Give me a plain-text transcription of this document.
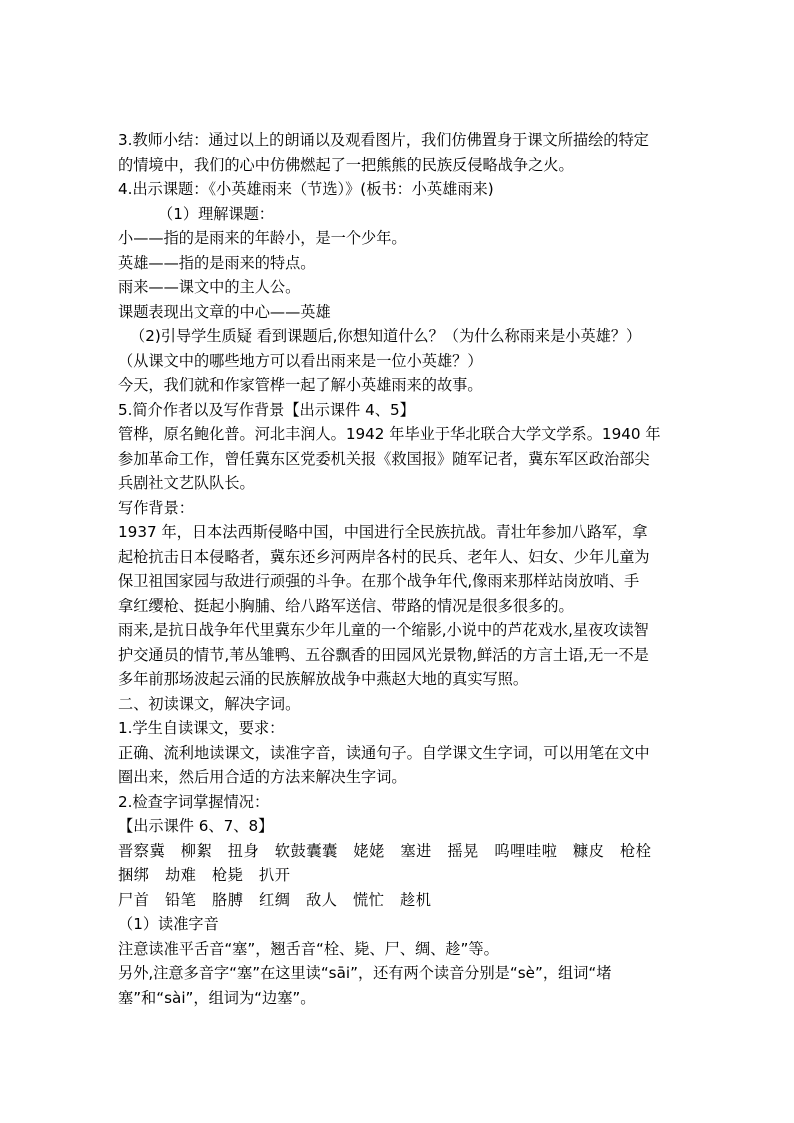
3.教师小结：通过以上的朗诵以及观看图片，我们仿佛置身于课文所描绘的特定
的情境中，我们的心中仿佛燃起了一把熊熊的民族反侵略战争之火。
4.出示课题：《小英雄雨来（节选）》(板书：小英雄雨来)
（1）理解课题：
小——指的是雨来的年龄小，是一个少年。
英雄——指的是雨来的特点。
雨来——课文中的主人公。
课题表现出文章的中心——英雄
（2)引导学生质疑 看到课题后,你想知道什么？（为什么称雨来是小英雄？）
（从课文中的哪些地方可以看出雨来是一位小英雄？）
今天，我们就和作家管桦一起了解小英雄雨来的故事。
5.简介作者以及写作背景【出示课件 4、5】
管桦，原名鲍化普。河北丰润人。1942 年毕业于华北联合大学文学系。1940 年
参加革命工作，曾任冀东区党委机关报《救国报》随军记者，冀东军区政治部尖
兵剧社文艺队队长。
写作背景：
1937 年，日本法西斯侵略中国，中国进行全民族抗战。青壮年参加八路军，拿
起枪抗击日本侵略者，冀东还乡河两岸各村的民兵、老年人、妇女、少年儿童为
保卫祖国家园与敌进行顽强的斗争。在那个战争年代,像雨来那样站岗放哨、手
拿红缨枪、挺起小胸脯、给八路军送信、带路的情况是很多很多的。
雨来,是抗日战争年代里冀东少年儿童的一个缩影,小说中的芦花戏水,星夜攻读智
护交通员的情节,苇丛雏鸭、五谷飘香的田园风光景物,鲜活的方言土语,无一不是
多年前那场波起云涌的民族解放战争中燕赵大地的真实写照。
二、初读课文，解决字词。
1.学生自读课文，要求：
正确、流利地读课文，读准字音，读通句子。自学课文生字词，可以用笔在文中
圈出来，然后用合适的方法来解决生字词。
2.检查字词掌握情况：
【出示课件 6、7、8】
晋察冀 柳絮 扭身 软鼓囊囊 姥姥 塞进 摇晃 呜哩哇啦 糠皮 枪栓
捆绑 劫难 枪毙 扒开
尸首 铅笔 胳膊 红绸 敌人 慌忙 趁机
（1）读准字音
注意读准平舌音“塞”，翘舌音“栓、毙、尸、绸、趁”等。
另外,注意多音字“塞”在这里读“sāi”，还有两个读音分别是“sè”，组词“堵
塞”和“sài”，组词为“边塞”。
